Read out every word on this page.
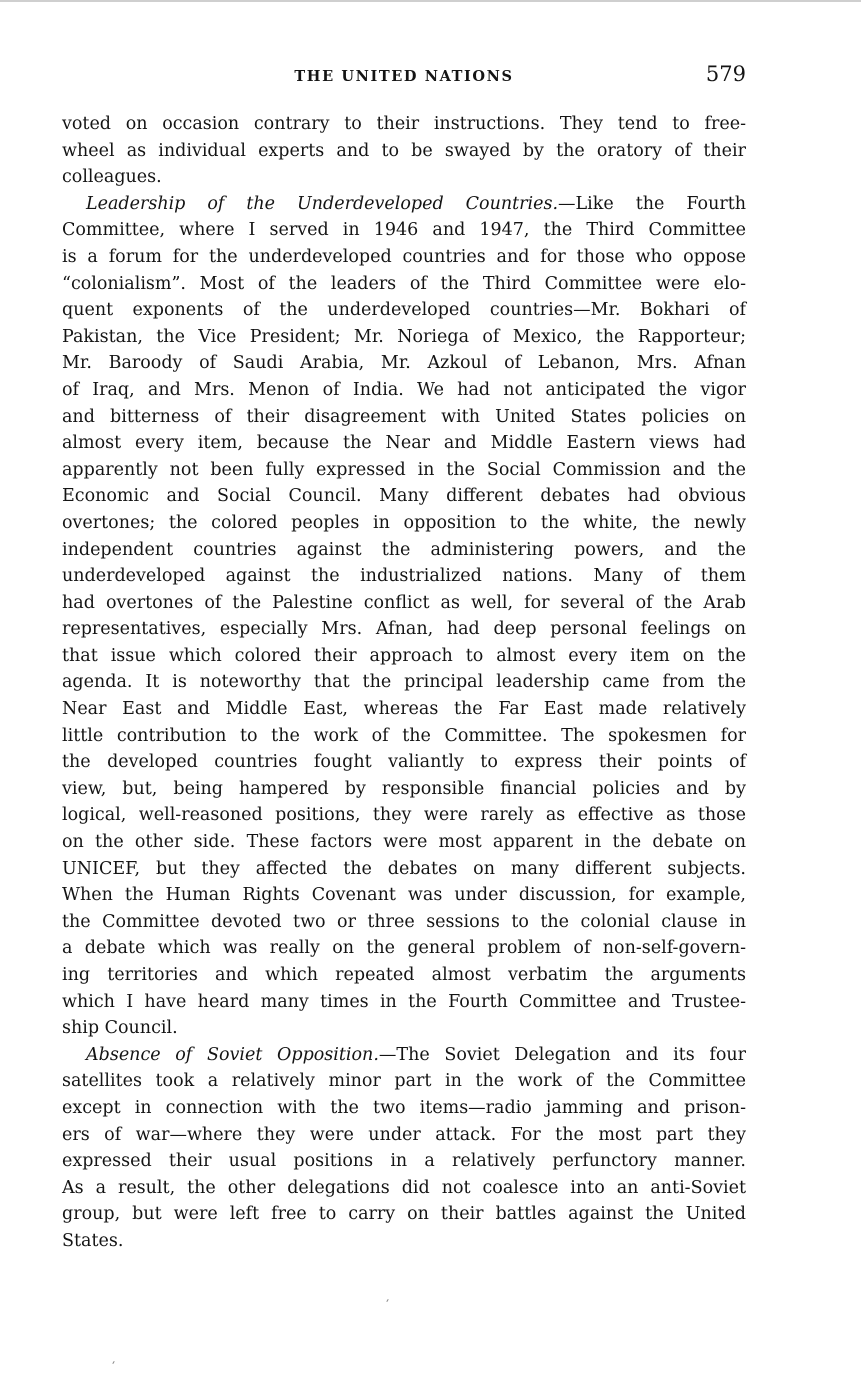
THE UNITED NATIONS	579
voted on occasion contrary to their instructions. They tend to free-
wheel as individual experts and to be swayed by the oratory of their
colleagues.
Leadership of the Underdeveloped Countries.—Like the Fourth
Committee, where I served in 1946 and 1947, the Third Committee
is a forum for the underdeveloped countries and for those who oppose
“colonialism”. Most of the leaders of the Third Committee were elo-
quent exponents of the underdeveloped countries—Mr. Bokhari of
Pakistan, the Vice President; Mr. Noriega of Mexico, the Rapporteur;
Mr. Baroody of Saudi Arabia, Mr. Azkoul of Lebanon, Mrs. Afnan
of Iraq, and Mrs. Menon of India. We had not anticipated the vigor
and bitterness of their disagreement with United States policies on
almost every item, because the Near and Middle Eastern views had
apparently not been fully expressed in the Social Commission and the
Economic and Social Council. Many different debates had obvious
overtones; the colored peoples in opposition to the white, the newly
independent countries against the administering powers, and the
underdeveloped against the industrialized nations. Many of them
had overtones of the Palestine conflict as well, for several of the Arab
representatives, especially Mrs. Afnan, had deep personal feelings on
that issue which colored their approach to almost every item on the
agenda. It is noteworthy that the principal leadership came from the
Near East and Middle East, whereas the Far East made relatively
little contribution to the work of the Committee. The spokesmen for
the developed countries fought valiantly to express their points of
view, but, being hampered by responsible financial policies and by
logical, well-reasoned positions, they were rarely as effective as those
on the other side. These factors were most apparent in the debate on
UNICEF, but they affected the debates on many different subjects.
When the Human Rights Covenant was under discussion, for example,
the Committee devoted two or three sessions to the colonial clause in
a debate which was really on the general problem of non-self-govern-
ing territories and which repeated almost verbatim the arguments
which I have heard many times in the Fourth Committee and Trustee-
ship Council.
Absence of Soviet Opposition.—The Soviet Delegation and its four
satellites took a relatively minor part in the work of the Committee
except in connection with the two items—radio jamming and prison-
ers of war—where they were under attack. For the most part they
expressed their usual positions in a relatively perfunctory manner.
As a result, the other delegations did not coalesce into an anti-Soviet
group, but were left free to carry on their battles against the United
States.
